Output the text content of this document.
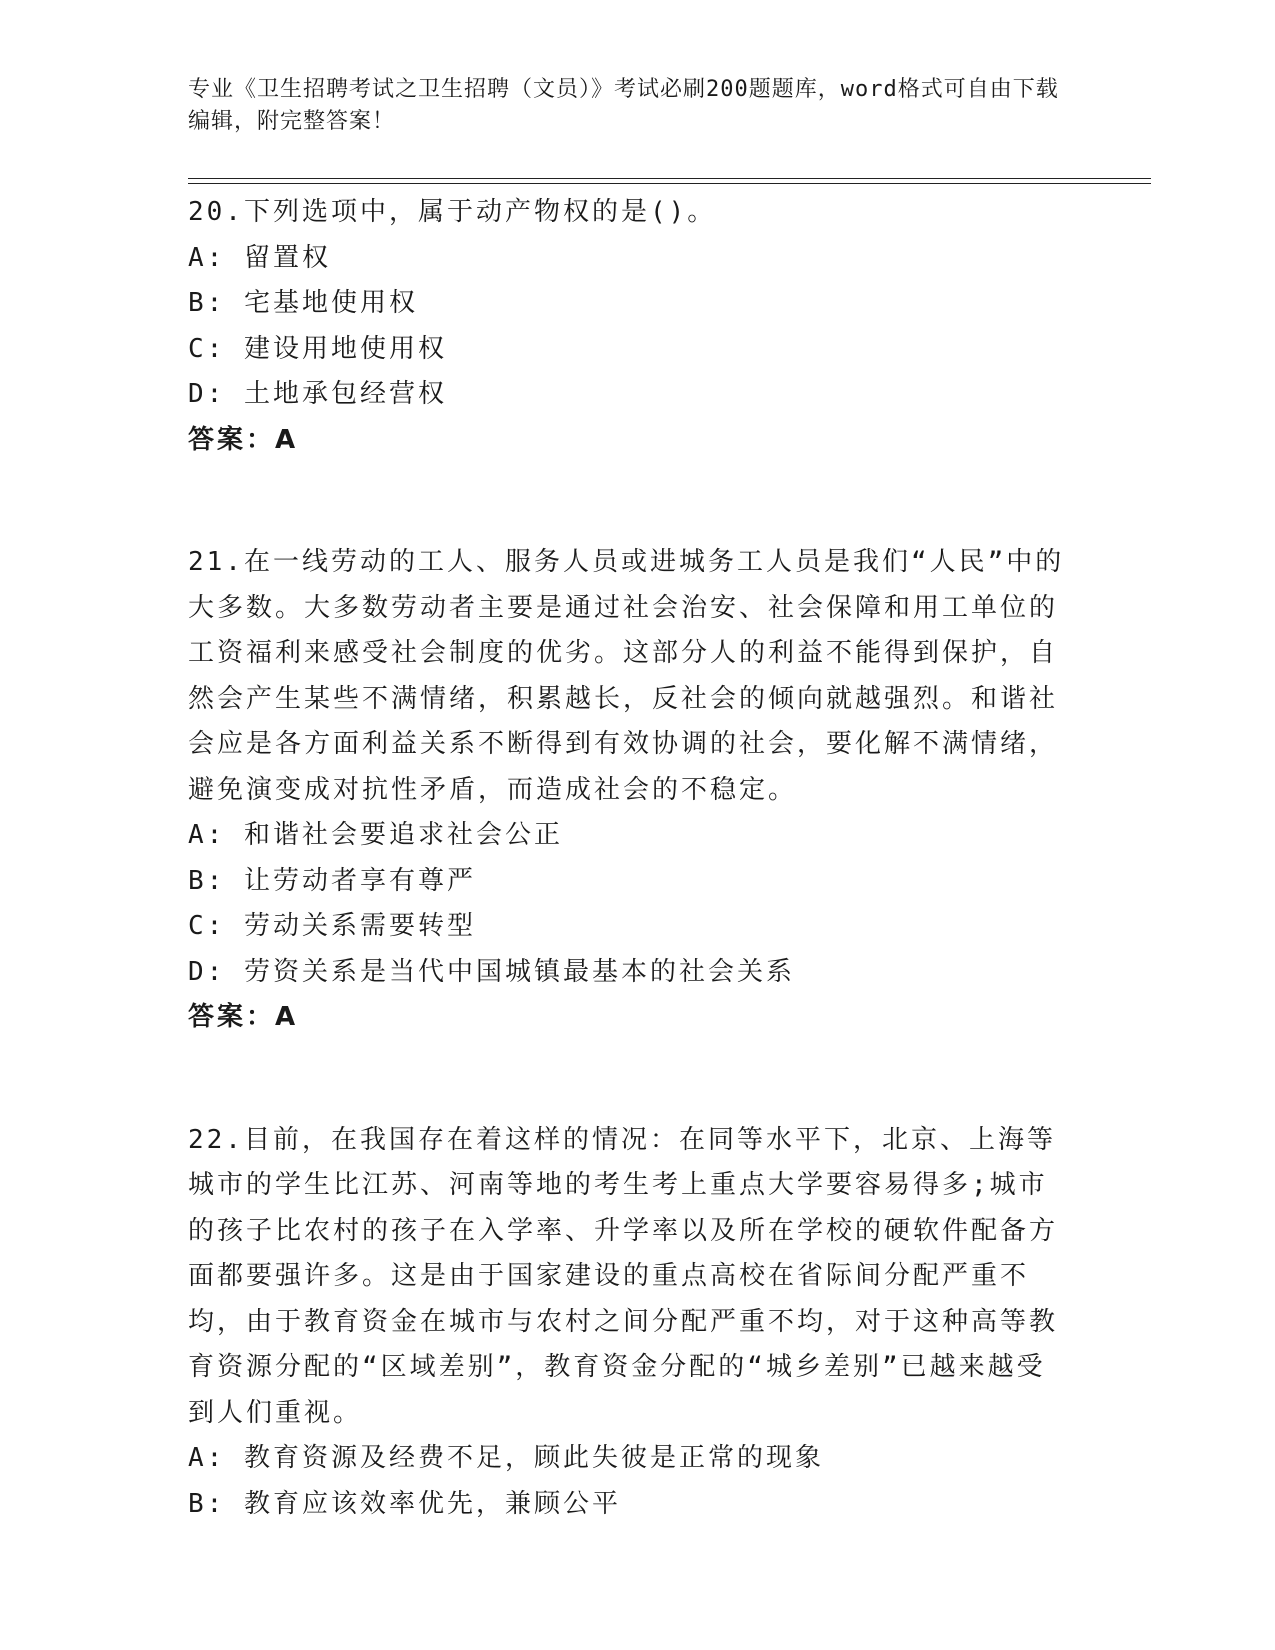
专业《卫生招聘考试之卫生招聘（文员）》考试必刷200题题库，word格式可自由下载编辑，附完整答案！
20.下列选项中，属于动产物权的是()。
A: 留置权
B: 宅基地使用权
C: 建设用地使用权
D: 土地承包经营权
答案：A
21.在一线劳动的工人、服务人员或进城务工人员是我们“人民”中的大多数。大多数劳动者主要是通过社会治安、社会保障和用工单位的工资福利来感受社会制度的优劣。这部分人的利益不能得到保护，自然会产生某些不满情绪，积累越长，反社会的倾向就越强烈。和谐社会应是各方面利益关系不断得到有效协调的社会，要化解不满情绪，避免演变成对抗性矛盾，而造成社会的不稳定。
A: 和谐社会要追求社会公正
B: 让劳动者享有尊严
C: 劳动关系需要转型
D: 劳资关系是当代中国城镇最基本的社会关系
答案：A
22.目前，在我国存在着这样的情况：在同等水平下，北京、上海等城市的学生比江苏、河南等地的考生考上重点大学要容易得多;城市的孩子比农村的孩子在入学率、升学率以及所在学校的硬软件配备方面都要强许多。这是由于国家建设的重点高校在省际间分配严重不均，由于教育资金在城市与农村之间分配严重不均，对于这种高等教育资源分配的“区域差别”，教育资金分配的“城乡差别”已越来越受到人们重视。
A: 教育资源及经费不足，顾此失彼是正常的现象
B: 教育应该效率优先，兼顾公平
